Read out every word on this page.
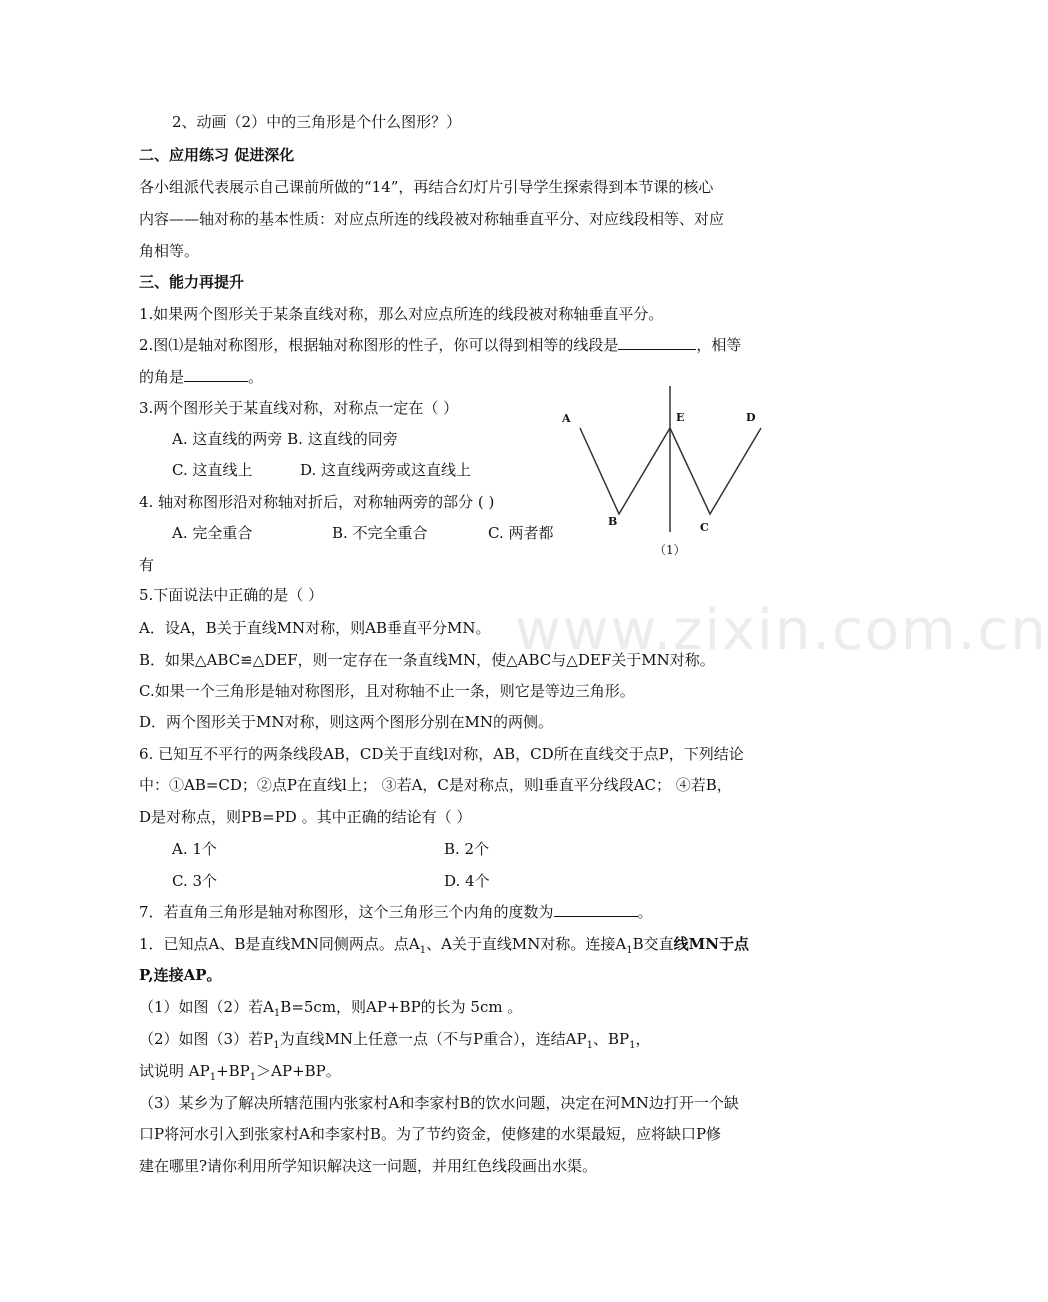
www.zixin.com.cn
2、动画（2）中的三角形是个什么图形？）
二、应用练习 促进深化
各小组派代表展示自己课前所做的“14”，再结合幻灯片引导学生探索得到本节课的核心
内容——轴对称的基本性质：对应点所连的线段被对称轴垂直平分、对应线段相等、对应
角相等。
三、能力再提升
1.如果两个图形关于某条直线对称，那么对应点所连的线段被对称轴垂直平分。
2.图⑴是轴对称图形，根据轴对称图形的性子，你可以得到相等的线段是	，相等
的角是	。
3.两个图形关于某直线对称，对称点一定在（ ）
A. 这直线的两旁 B. 这直线的同旁
C. 这直线上	D. 这直线两旁或这直线上
4. 轴对称图形沿对称轴对折后，对称轴两旁的部分 ( )
A. 完全重合	B. 不完全重合	C. 两者都
有
A	E	D
B	C
（1）
5.下面说法中正确的是（ ）
A．设A，B关于直线MN对称，则AB垂直平分MN。
B．如果△ABC≌△DEF，则一定存在一条直线MN，使△ABC与△DEF关于MN对称。
C.如果一个三角形是轴对称图形，且对称轴不止一条，则它是等边三角形。
D．两个图形关于MN对称，则这两个图形分别在MN的两侧。
6. 已知互不平行的两条线段AB，CD关于直线l对称，AB，CD所在直线交于点P，下列结论
中：①AB=CD；②点P在直线l上； ③若A，C是对称点，则l垂直平分线段AC； ④若B，
D是对称点，则PB=PD 。其中正确的结论有（ ）
A. 1个	B. 2个
C. 3个	D. 4个
7．若直角三角形是轴对称图形，这个三角形三个内角的度数为	。
1．已知点A、B是直线MN同侧两点。点$A_1$、A关于直线MN对称。连接$A_1B$交直线MN于点
P,连接AP。
（1）如图（2）若$A_1B=5cm$，则AP+BP的长为 5cm 。
（2）如图（3）若$P_1$为直线MN上任意一点（不与P重合），连结$AP_1$、$BP_1$，
试说明 $AP_1+BP_1>AP+BP$。
（3）某乡为了解决所辖范围内张家村A和李家村B的饮水问题，决定在河MN边打开一个缺
口P将河水引入到张家村A和李家村B。为了节约资金，使修建的水渠最短，应将缺口P修
建在哪里?请你利用所学知识解决这一问题，并用红色线段画出水渠。
